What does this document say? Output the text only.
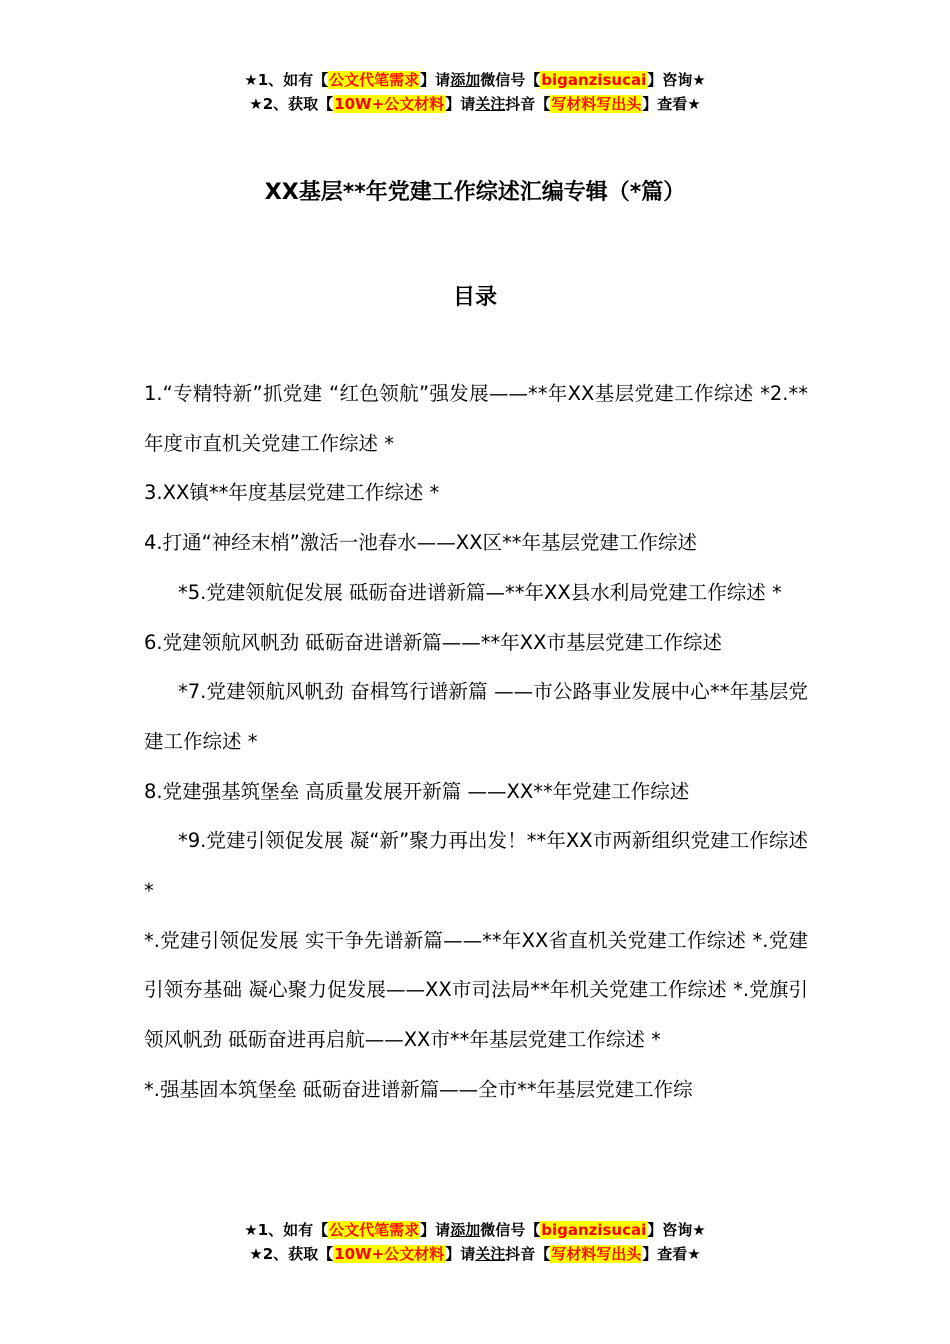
★1、如有【公文代笔需求】请添加微信号【biganzisucai】咨询★
★2、获取【10W+公文材料】请关注抖音【写材料写出头】查看★
XX基层**年党建工作综述汇编专辑（*篇）
目录

1.“专精特新”抓党建 “红色领航”强发展——**年XX基层党建工作综述 *2.**年度市直机关党建工作综述 *

3.XX镇**年度基层党建工作综述 *

4.打通“神经末梢”激活一池春水——XX区**年基层党建工作综述

*5.党建领航促发展 砥砺奋进谱新篇—**年XX县水利局党建工作综述 *

6.党建领航风帆劲 砥砺奋进谱新篇——**年XX市基层党建工作综述

*7.党建领航风帆劲 奋楫笃行谱新篇 ——市公路事业发展中心**年基层党建工作综述 *

8.党建强基筑堡垒 高质量发展开新篇 ——XX**年党建工作综述

*9.党建引领促发展 凝“新”聚力再出发！**年XX市两新组织党建工作综述 *

*.党建引领促发展 实干争先谱新篇——**年XX省直机关党建工作综述 *.党建引领夯基础 凝心聚力促发展——XX市司法局**年机关党建工作综述 *.党旗引领风帆劲 砥砺奋进再启航——XX市**年基层党建工作综述 *

*.强基固本筑堡垒 砥砺奋进谱新篇——全市**年基层党建工作综

★1、如有【公文代笔需求】请添加微信号【biganzisucai】咨询★
★2、获取【10W+公文材料】请关注抖音【写材料写出头】查看★
